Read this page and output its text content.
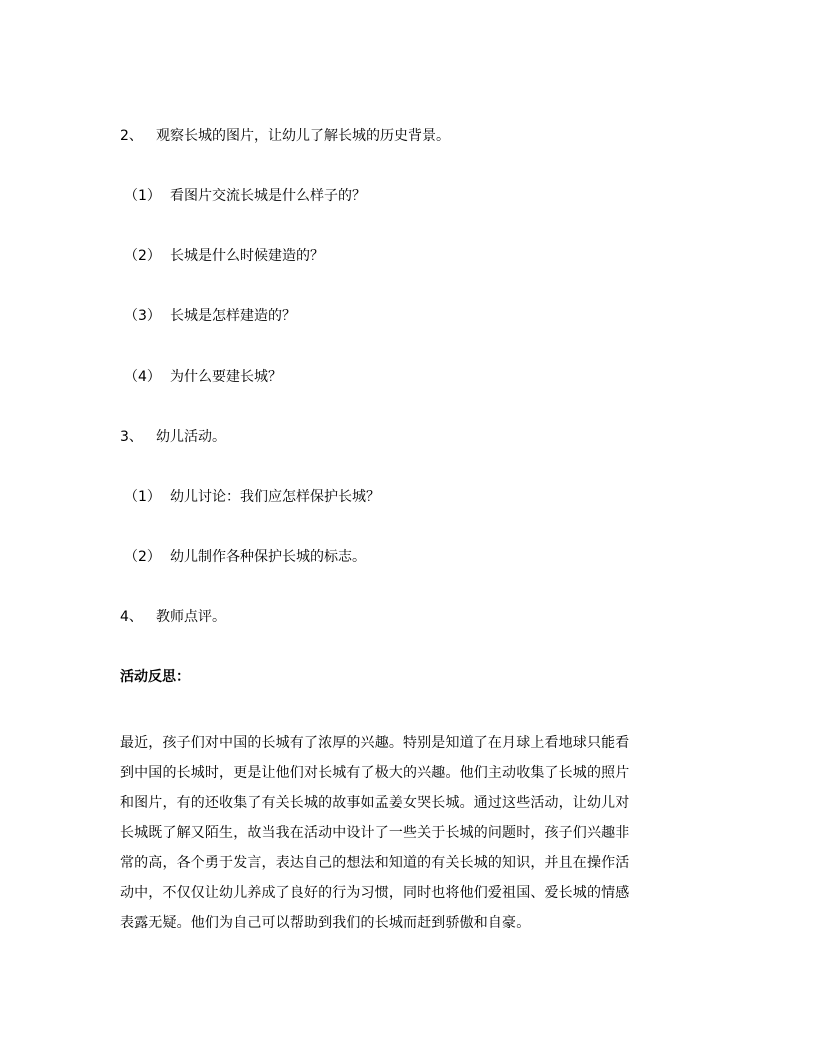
2、 观察长城的图片，让幼儿了解长城的历史背景。
（1） 看图片交流长城是什么样子的？
（2） 长城是什么时候建造的？
（3） 长城是怎样建造的？
（4） 为什么要建长城？
3、 幼儿活动。
（1） 幼儿讨论：我们应怎样保护长城？
（2） 幼儿制作各种保护长城的标志。
4、 教师点评。
活动反思：
最近，孩子们对中国的长城有了浓厚的兴趣。特别是知道了在月球上看地球只能看
到中国的长城时，更是让他们对长城有了极大的兴趣。他们主动收集了长城的照片
和图片，有的还收集了有关长城的故事如孟姜女哭长城。通过这些活动，让幼儿对
长城既了解又陌生，故当我在活动中设计了一些关于长城的问题时，孩子们兴趣非
常的高，各个勇于发言，表达自己的想法和知道的有关长城的知识，并且在操作活
动中，不仅仅让幼儿养成了良好的行为习惯，同时也将他们爱祖国、爱长城的情感
表露无疑。他们为自己可以帮助到我们的长城而赶到骄傲和自豪。
